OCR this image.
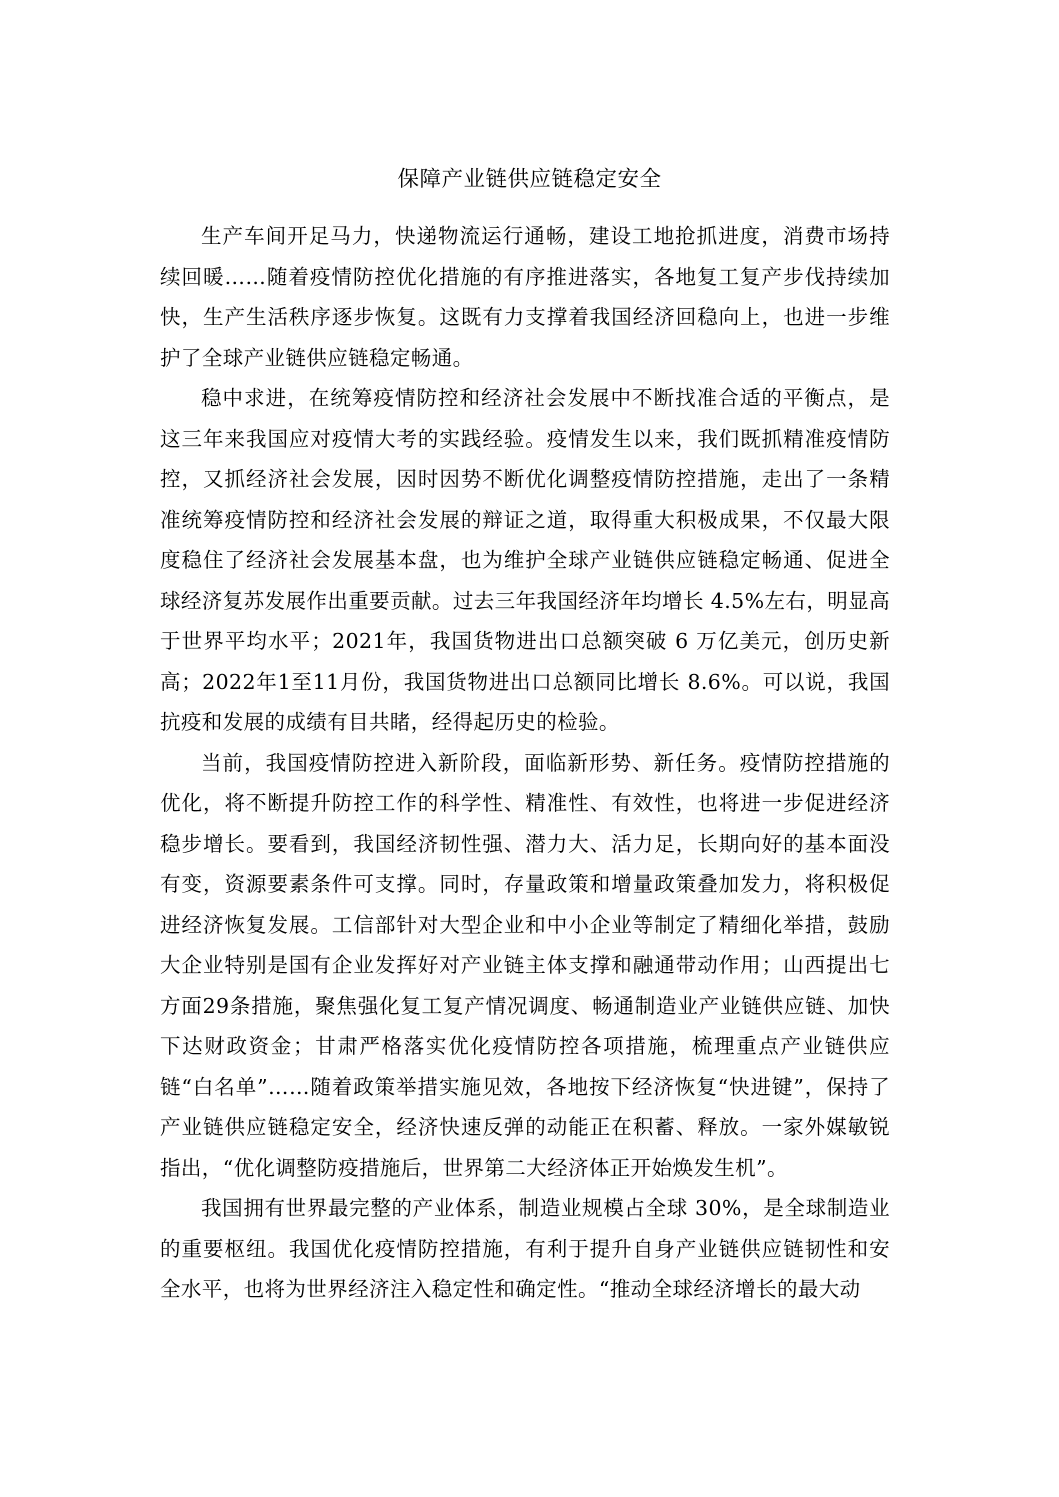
保障产业链供应链稳定安全

生产车间开足马力，快递物流运行通畅，建设工地抢抓进度，消费市场持续回暖……随着疫情防控优化措施的有序推进落实，各地复工复产步伐持续加快，生产生活秩序逐步恢复。这既有力支撑着我国经济回稳向上，也进一步维护了全球产业链供应链稳定畅通。

稳中求进，在统筹疫情防控和经济社会发展中不断找准合适的平衡点，是这三年来我国应对疫情大考的实践经验。疫情发生以来，我们既抓精准疫情防控，又抓经济社会发展，因时因势不断优化调整疫情防控措施，走出了一条精准统筹疫情防控和经济社会发展的辩证之道，取得重大积极成果，不仅最大限度稳住了经济社会发展基本盘，也为维护全球产业链供应链稳定畅通、促进全球经济复苏发展作出重要贡献。过去三年我国经济年均增长 4.5%左右，明显高于世界平均水平；2021年，我国货物进出口总额突破 6 万亿美元，创历史新高；2022年1至11月份，我国货物进出口总额同比增长 8.6%。可以说，我国抗疫和发展的成绩有目共睹，经得起历史的检验。

当前，我国疫情防控进入新阶段，面临新形势、新任务。疫情防控措施的优化，将不断提升防控工作的科学性、精准性、有效性，也将进一步促进经济稳步增长。要看到，我国经济韧性强、潜力大、活力足，长期向好的基本面没有变，资源要素条件可支撑。同时，存量政策和增量政策叠加发力，将积极促进经济恢复发展。工信部针对大型企业和中小企业等制定了精细化举措，鼓励大企业特别是国有企业发挥好对产业链主体支撑和融通带动作用；山西提出七方面29条措施，聚焦强化复工复产情况调度、畅通制造业产业链供应链、加快下达财政资金；甘肃严格落实优化疫情防控各项措施，梳理重点产业链供应链“白名单”……随着政策举措实施见效，各地按下经济恢复“快进键”，保持了产业链供应链稳定安全，经济快速反弹的动能正在积蓄、释放。一家外媒敏锐指出，“优化调整防疫措施后，世界第二大经济体正开始焕发生机”。

我国拥有世界最完整的产业体系，制造业规模占全球 30%，是全球制造业的重要枢纽。我国优化疫情防控措施，有利于提升自身产业链供应链韧性和安全水平，也将为世界经济注入稳定性和确定性。“推动全球经济增长的最大动
